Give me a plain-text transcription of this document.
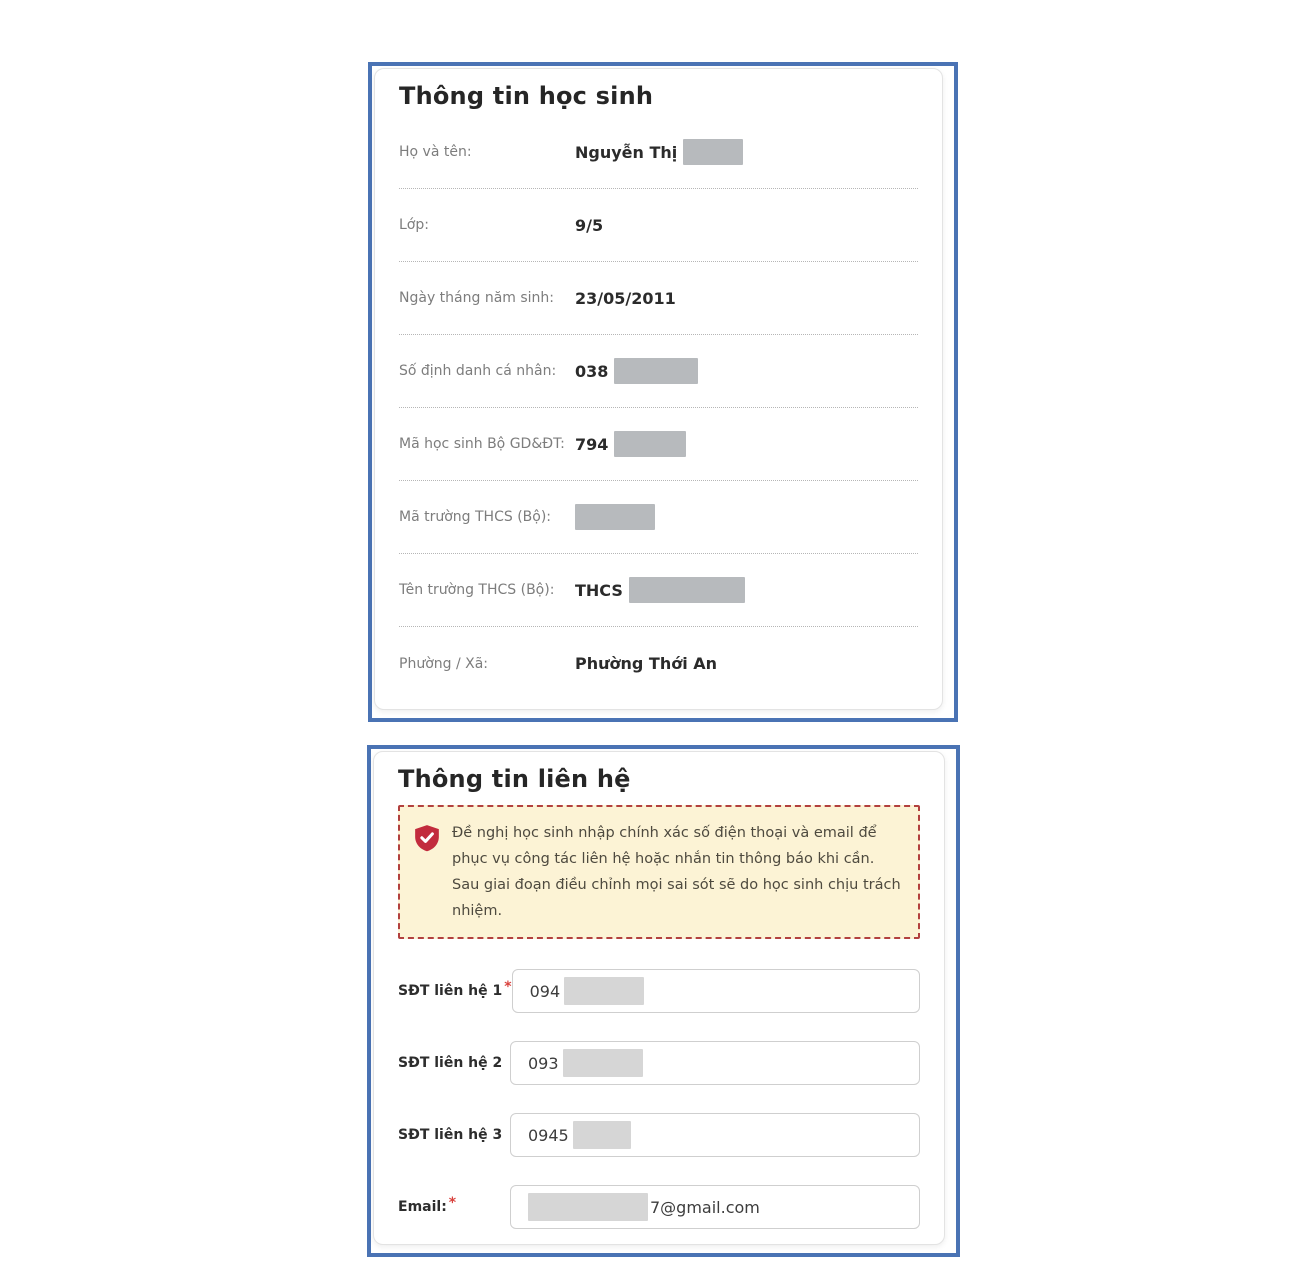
Thông tin học sinh
Họ và tên:	Nguyễn Thị
Lớp:	9/5
Ngày tháng năm sinh:	23/05/2011
Số định danh cá nhân:	038
Mã học sinh Bộ GD&ĐT: 794
Mã trường THCS (Bộ):
Tên trường THCS (Bộ):	THCS
Phường / Xã:	Phường Thới An
Thông tin liên hệ

Đề nghị học sinh nhập chính xác số điện thoại và email để phục vụ công tác liên hệ hoặc nhắn tin thông báo khi cần. Sau giai đoạn điều chỉnh mọi sai sót sẽ do học sinh chịu trách nhiệm.

SĐT liên hệ 1 * 094
SĐT liên hệ 2	093
SĐT liên hệ 3	0945
Email: *	7@gmail.com
